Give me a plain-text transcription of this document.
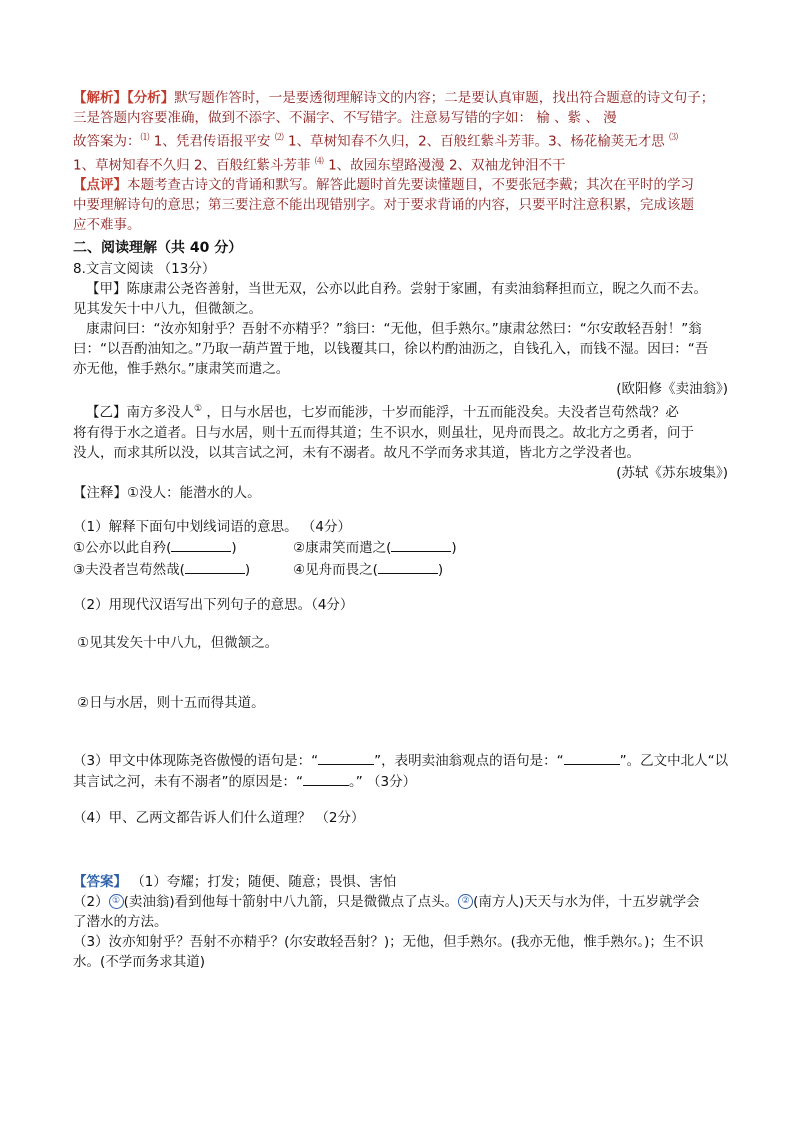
【解析】【分析】默写题作答时，一是要透彻理解诗文的内容；二是要认真审题，找出符合题意的诗文句子；
三是答题内容要准确，做到不添字、不漏字、不写错字。注意易写错的字如： 榆 、紫 、 漫
故答案为：⑴ 1、凭君传语报平安 ⑵ 1、草树知春不久归，2、百般红紫斗芳菲。3、杨花榆荚无才思 ⑶
1、草树知春不久归 2、百般红紫斗芳菲 ⑷ 1、故园东望路漫漫 2、双袖龙钟泪不干
【点评】本题考查古诗文的背诵和默写。解答此题时首先要读懂题目，不要张冠李戴；其次在平时的学习
中要理解诗句的意思；第三要注意不能出现错别字。对于要求背诵的内容，只要平时注意积累，完成该题
应不难事。
二、阅读理解（共 40 分）
8.文言文阅读 （13分）
【甲】陈康肃公尧咨善射，当世无双，公亦以此自矜。尝射于家圃，有卖油翁释担而立，睨之久而不去。
见其发矢十中八九，但微颔之。
康肃问曰：“汝亦知射乎？吾射不亦精乎？”翁曰：“无他，但手熟尔。”康肃忿然曰：“尔安敢轻吾射！”翁
曰：“以吾酌油知之。”乃取一葫芦置于地，以钱覆其口，徐以杓酌油沥之，自钱孔入，而钱不湿。因曰：“吾
亦无他，惟手熟尔。”康肃笑而遣之。
(欧阳修《卖油翁》)
【乙】南方多没人① ，日与水居也，七岁而能涉，十岁而能浮，十五而能没矣。夫没者岂苟然哉？必
将有得于水之道者。日与水居，则十五而得其道；生不识水，则虽壮，见舟而畏之。故北方之勇者，问于
没人，而求其所以没，以其言试之河，未有不溺者。故凡不学而务求其道，皆北方之学没者也。
(苏轼《苏东坡集》)
【注释】①没人：能潜水的人。
（1）解释下面句中划线词语的意思。 （4分）
①公亦以此自矜(	)	②康肃笑而遣之(	)
③夫没者岂苟然哉(	)	④见舟而畏之(	)
（2）用现代汉语写出下列句子的意思。（4分）
①见其发矢十中八九，但微颔之。
②日与水居，则十五而得其道。
（3）甲文中体现陈尧咨傲慢的语句是：“	”，表明卖油翁观点的语句是：“	”。乙文中北人“以
其言试之河，未有不溺者”的原因是：“	。” （3分）
（4）甲、乙两文都告诉人们什么道理？ （2分）
【答案】 （1）夸耀；打发；随便、随意；畏惧、害怕
（2） ① (卖油翁)看到他每十箭射中八九箭，只是微微点了点头。 ② (南方人)天天与水为伴，十五岁就学会
了潜水的方法。
（3）汝亦知射乎？吾射不亦精乎？(尔安敢轻吾射？)；无他，但手熟尔。(我亦无他，惟手熟尔。)；生不识
水。(不学而务求其道)
